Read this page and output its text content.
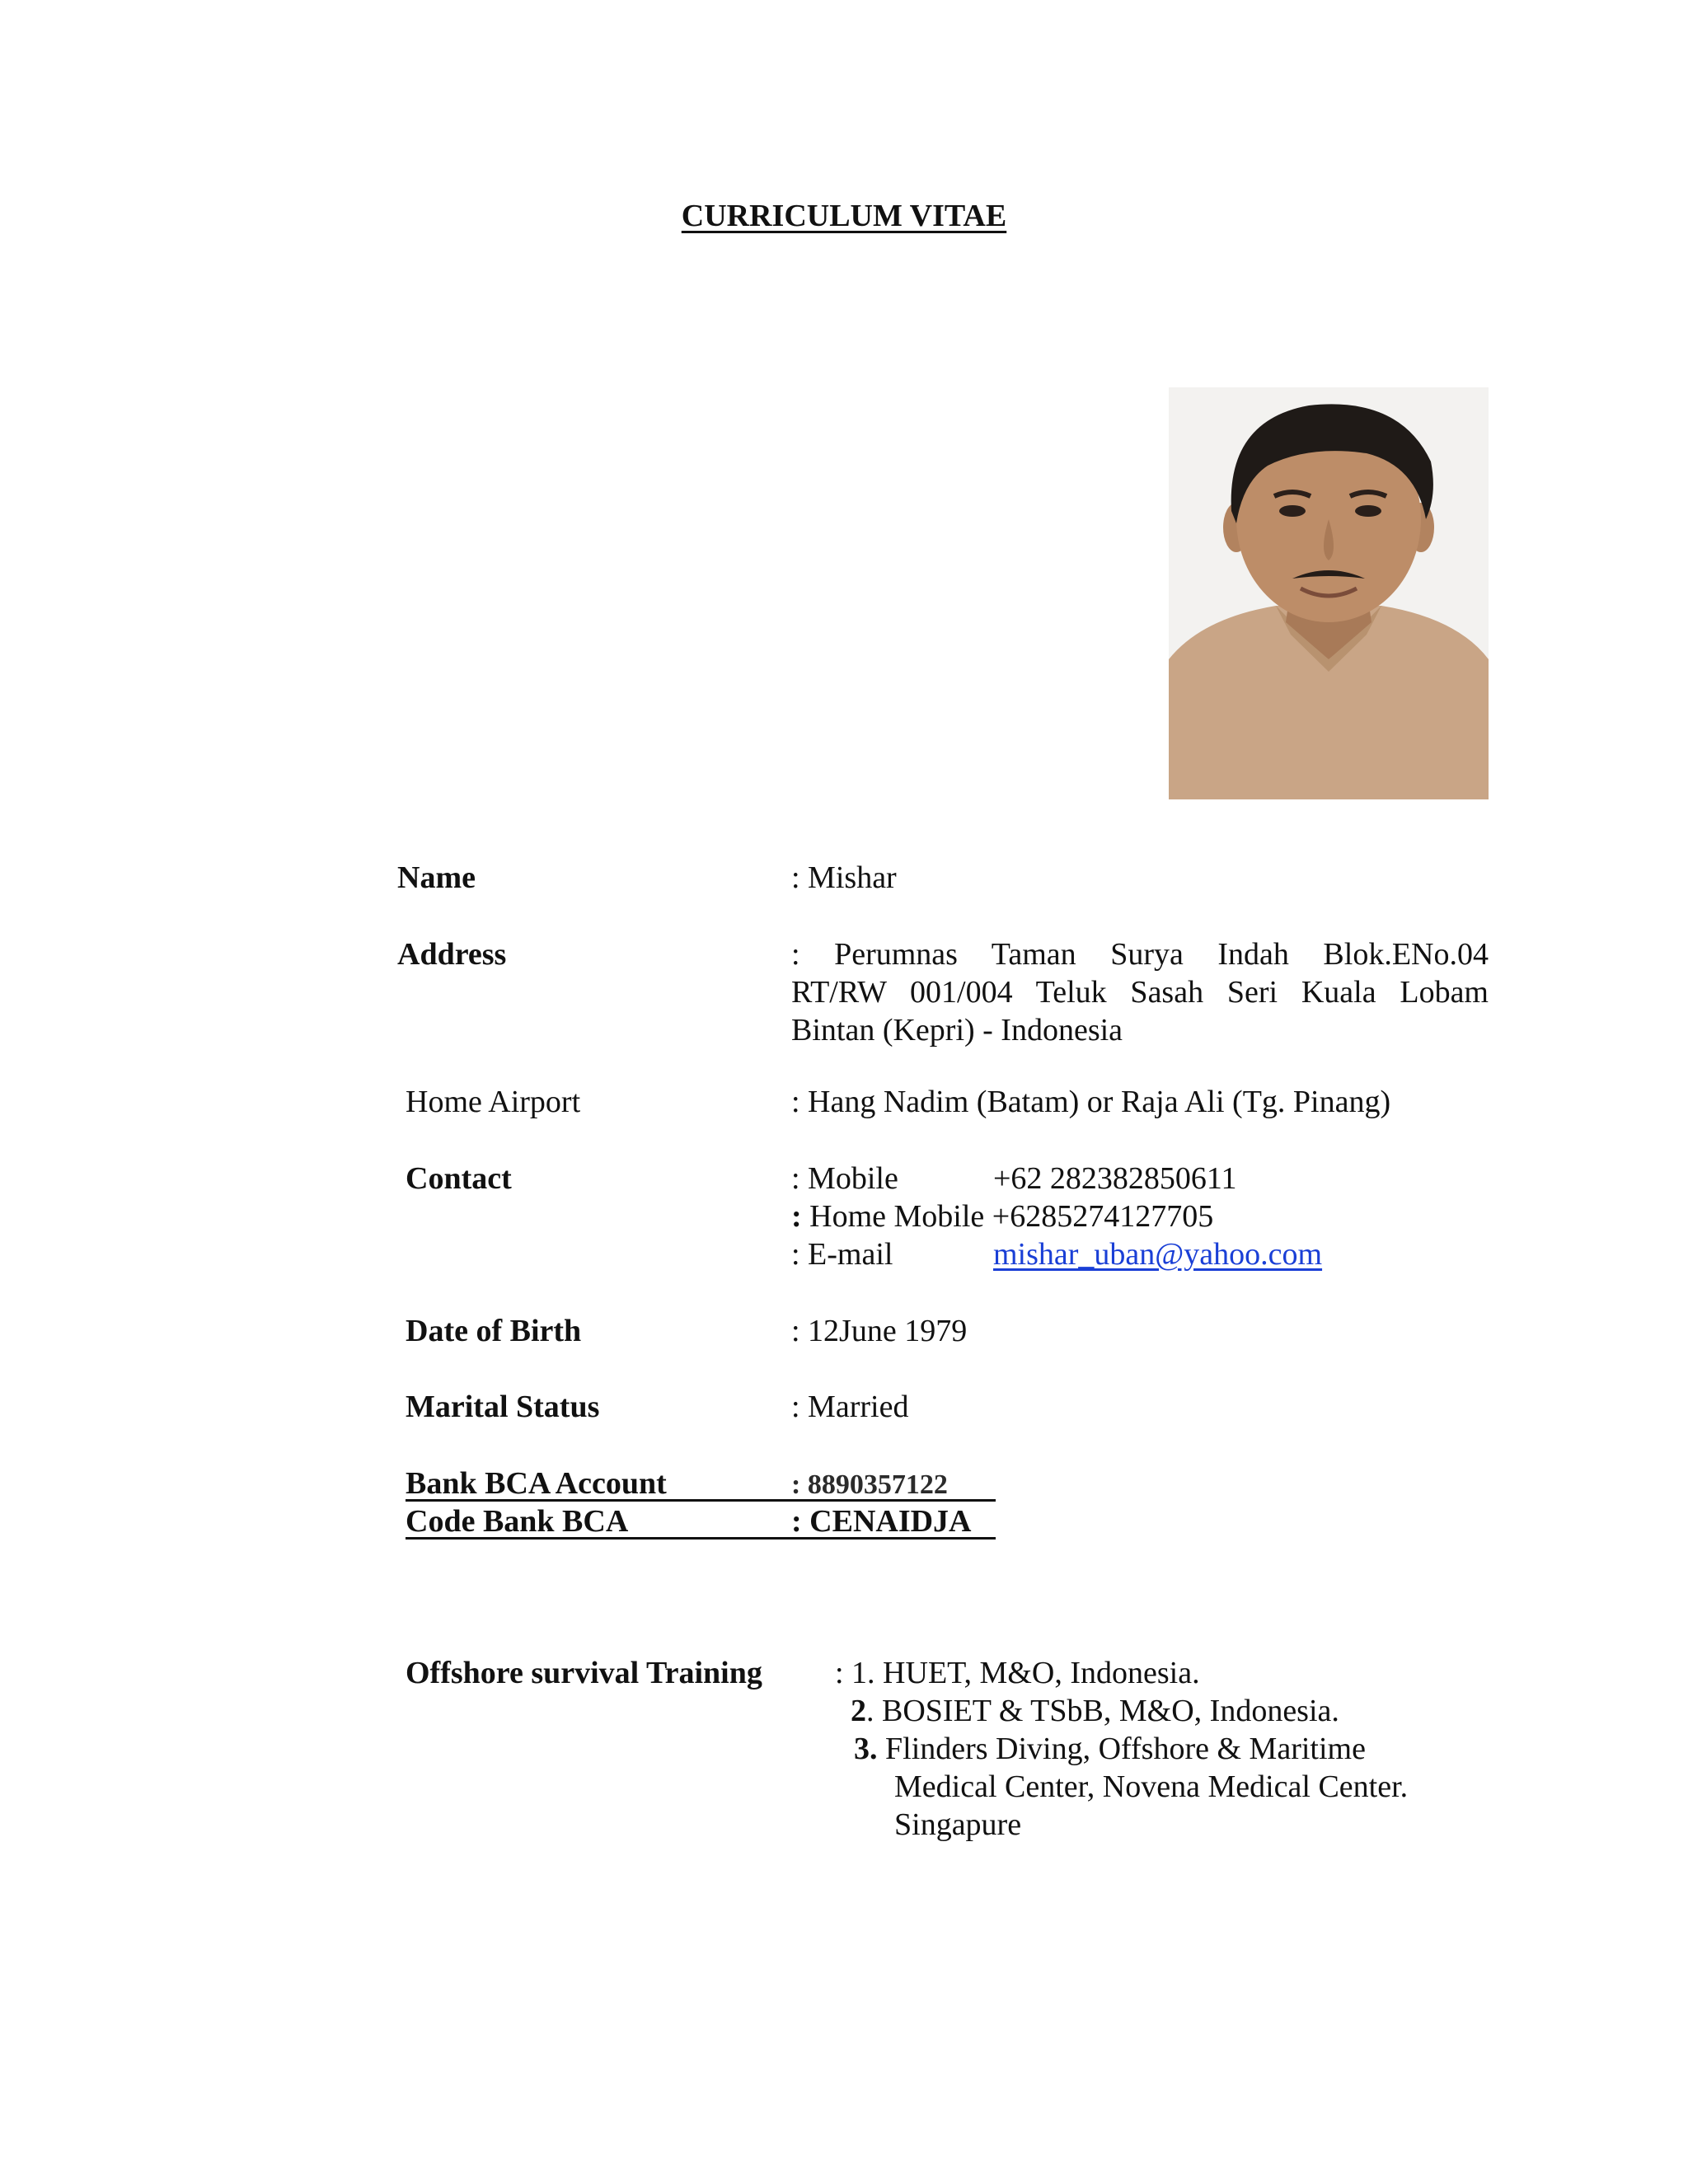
CURRICULUM VITAE
Name	: Mishar
Address	: Perumnas Taman Surya Indah Blok.ENo.04
RT/RW 001/004 Teluk Sasah Seri Kuala Lobam
Bintan (Kepri) - Indonesia
Home Airport	: Hang Nadim (Batam) or Raja Ali (Tg. Pinang)
Contact	: Mobile	+62 282382850611
: Home Mobile +6285274127705
: E-mail	mishar_uban@yahoo.com
Date of Birth	: 12June 1979
Marital Status	: Married
Bank BCA Account	: 8890357122
Code Bank BCA	: CENAIDJA
Offshore survival Training : 1. HUET, M&O, Indonesia.
2. BOSIET & TSbB, M&O, Indonesia.
3. Flinders Diving, Offshore & Maritime
Medical Center, Novena Medical Center.
Singapure
